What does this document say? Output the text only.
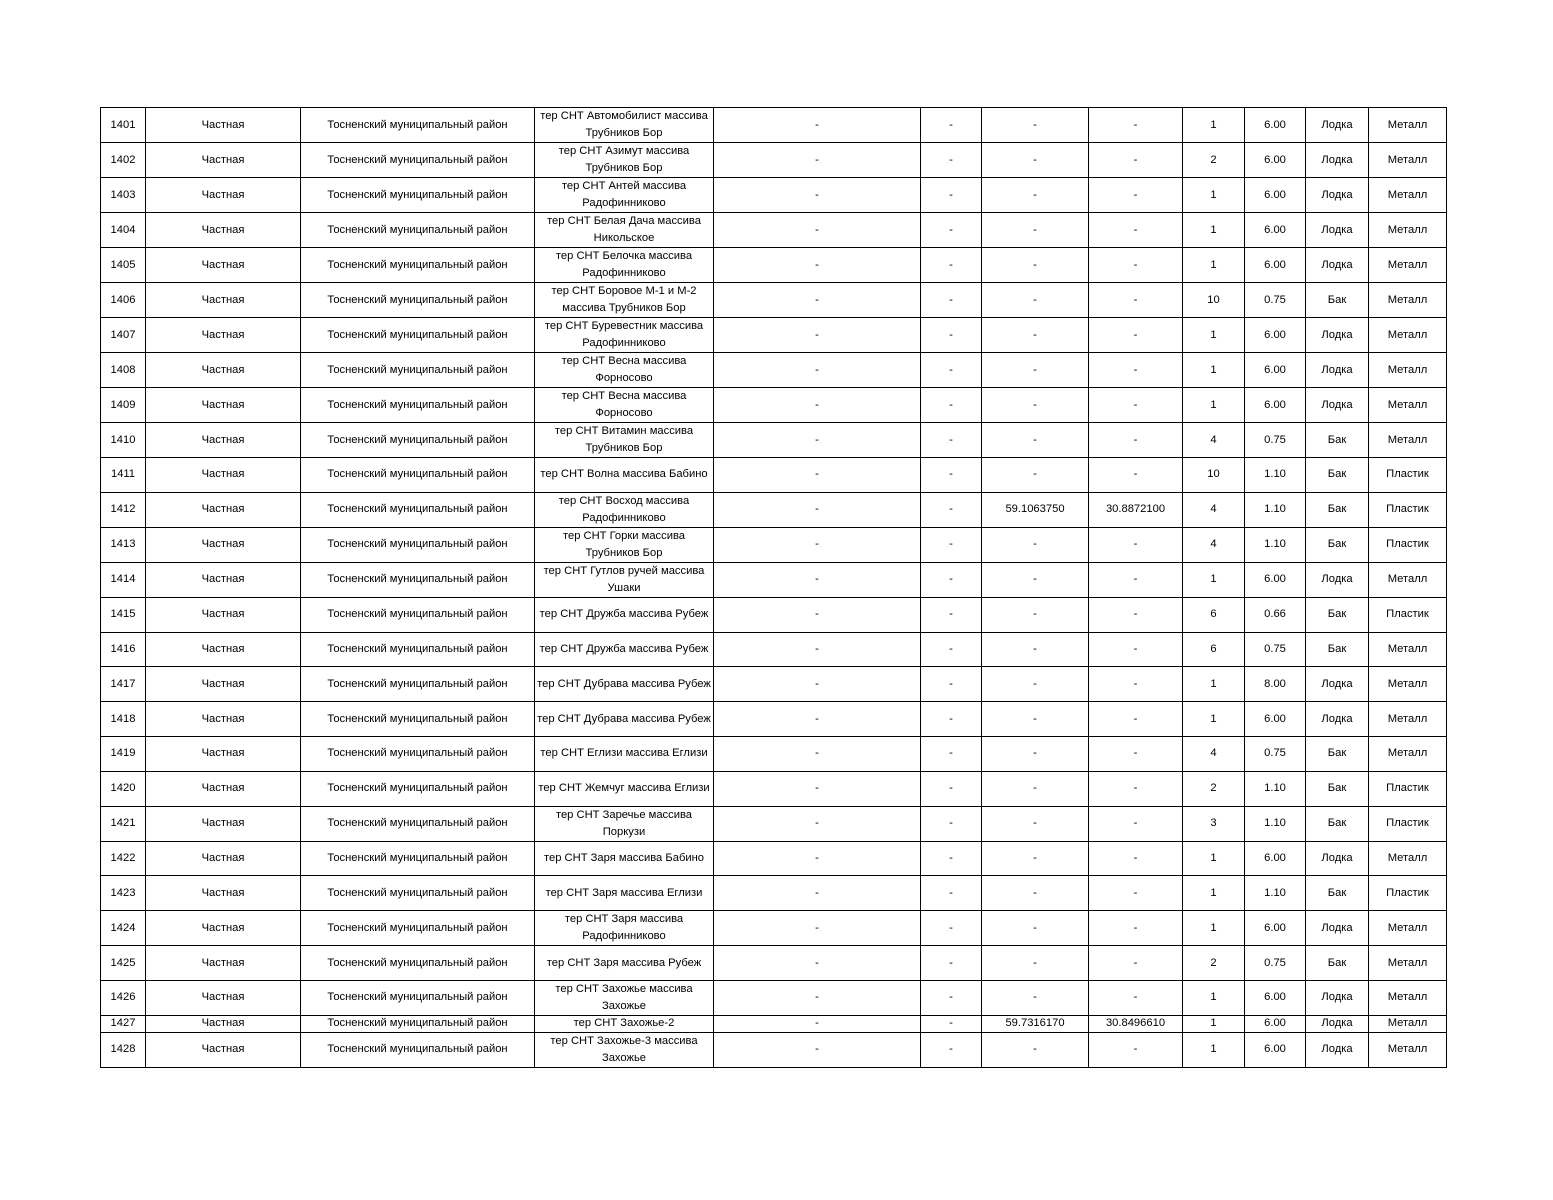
1401	Частная	Тосненский муниципальный район	тер СНТ Автомобилист массива Трубников Бор	-	-	-	-	1	6.00	Лодка	Металл
1402	Частная	Тосненский муниципальный район	тер СНТ Азимут массива Трубников Бор	-	-	-	-	2	6.00	Лодка	Металл
1403	Частная	Тосненский муниципальный район	тер СНТ Антей массива Радофинниково	-	-	-	-	1	6.00	Лодка	Металл
1404	Частная	Тосненский муниципальный район	тер СНТ Белая Дача массива Никольское	-	-	-	-	1	6.00	Лодка	Металл
1405	Частная	Тосненский муниципальный район	тер СНТ Белочка массива Радофинниково	-	-	-	-	1	6.00	Лодка	Металл
1406	Частная	Тосненский муниципальный район	тер СНТ Боровое М-1 и М-2 массива Трубников Бор	-	-	-	-	10	0.75	Бак	Металл
1407	Частная	Тосненский муниципальный район	тер СНТ Буревестник массива Радофинниково	-	-	-	-	1	6.00	Лодка	Металл
1408	Частная	Тосненский муниципальный район	тер СНТ Весна массива Форносово	-	-	-	-	1	6.00	Лодка	Металл
1409	Частная	Тосненский муниципальный район	тер СНТ Весна массива Форносово	-	-	-	-	1	6.00	Лодка	Металл
1410	Частная	Тосненский муниципальный район	тер СНТ Витамин массива Трубников Бор	-	-	-	-	4	0.75	Бак	Металл
1411	Частная	Тосненский муниципальный район	тер СНТ Волна массива Бабино	-	-	-	-	10	1.10	Бак	Пластик
1412	Частная	Тосненский муниципальный район	тер СНТ Восход массива Радофинниково	-	-	59.1063750	30.8872100	4	1.10	Бак	Пластик
1413	Частная	Тосненский муниципальный район	тер СНТ Горки массива Трубников Бор	-	-	-	-	4	1.10	Бак	Пластик
1414	Частная	Тосненский муниципальный район	тер СНТ Гутлов ручей массива Ушаки	-	-	-	-	1	6.00	Лодка	Металл
1415	Частная	Тосненский муниципальный район	тер СНТ Дружба массива Рубеж	-	-	-	-	6	0.66	Бак	Пластик
1416	Частная	Тосненский муниципальный район	тер СНТ Дружба массива Рубеж	-	-	-	-	6	0.75	Бак	Металл
1417	Частная	Тосненский муниципальный район	тер СНТ Дубрава массива Рубеж	-	-	-	-	1	8.00	Лодка	Металл
1418	Частная	Тосненский муниципальный район	тер СНТ Дубрава массива Рубеж	-	-	-	-	1	6.00	Лодка	Металл
1419	Частная	Тосненский муниципальный район	тер СНТ Еглизи массива Еглизи	-	-	-	-	4	0.75	Бак	Металл
1420	Частная	Тосненский муниципальный район	тер СНТ Жемчуг массива Еглизи	-	-	-	-	2	1.10	Бак	Пластик
1421	Частная	Тосненский муниципальный район	тер СНТ Заречье массива Поркузи	-	-	-	-	3	1.10	Бак	Пластик
1422	Частная	Тосненский муниципальный район	тер СНТ Заря массива Бабино	-	-	-	-	1	6.00	Лодка	Металл
1423	Частная	Тосненский муниципальный район	тер СНТ Заря массива Еглизи	-	-	-	-	1	1.10	Бак	Пластик
1424	Частная	Тосненский муниципальный район	тер СНТ Заря массива Радофинниково	-	-	-	-	1	6.00	Лодка	Металл
1425	Частная	Тосненский муниципальный район	тер СНТ Заря массива Рубеж	-	-	-	-	2	0.75	Бак	Металл
1426	Частная	Тосненский муниципальный район	тер СНТ Захожье массива Захожье	-	-	-	-	1	6.00	Лодка	Металл
1427	Частная	Тосненский муниципальный район	тер СНТ Захожье-2	-	-	59.7316170	30.8496610	1	6.00	Лодка	Металл
1428	Частная	Тосненский муниципальный район	тер СНТ Захожье-3 массива Захожье	-	-	-	-	1	6.00	Лодка	Металл
